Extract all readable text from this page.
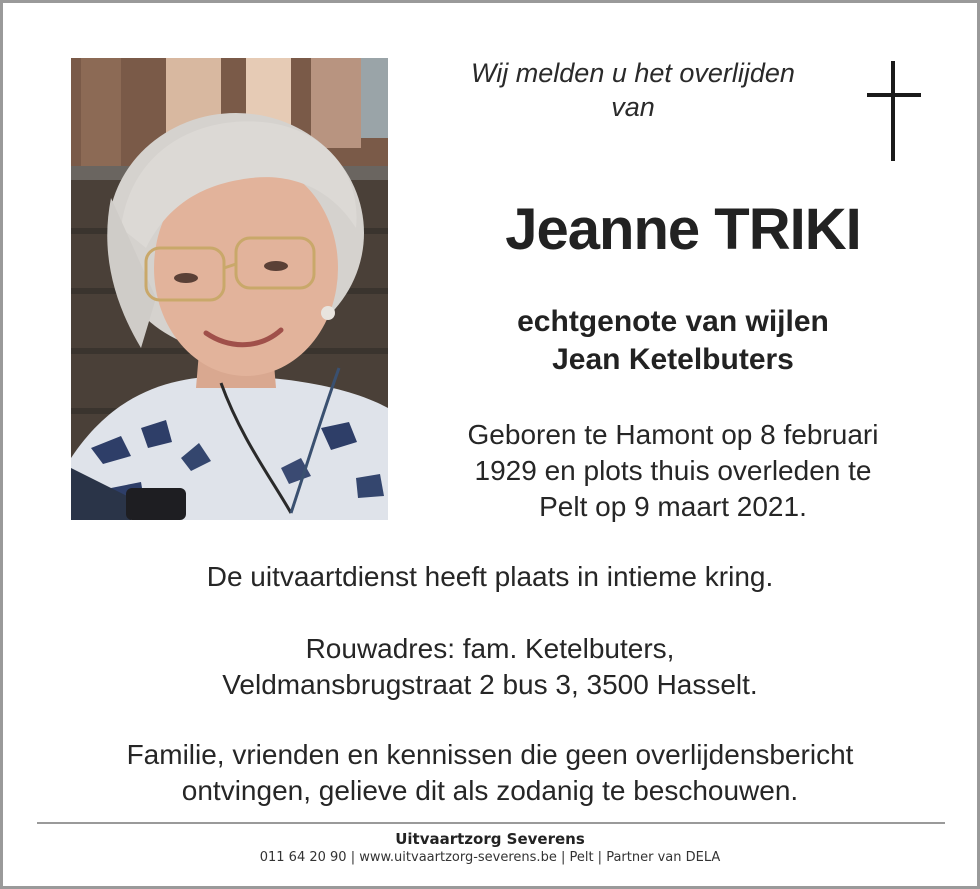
Wij melden u het overlijden
van
Jeanne TRIKI
echtgenote van wijlen
Jean Ketelbuters
Geboren te Hamont op 8 februari
1929 en plots thuis overleden te
Pelt op 9 maart 2021.
De uitvaartdienst heeft plaats in intieme kring.
Rouwadres: fam. Ketelbuters,
Veldmansbrugstraat 2 bus 3, 3500 Hasselt.
Familie, vrienden en kennissen die geen overlijdensbericht
ontvingen, gelieve dit als zodanig te beschouwen.
Uitvaartzorg Severens
011 64 20 90 | www.uitvaartzorg-severens.be | Pelt | Partner van DELA
